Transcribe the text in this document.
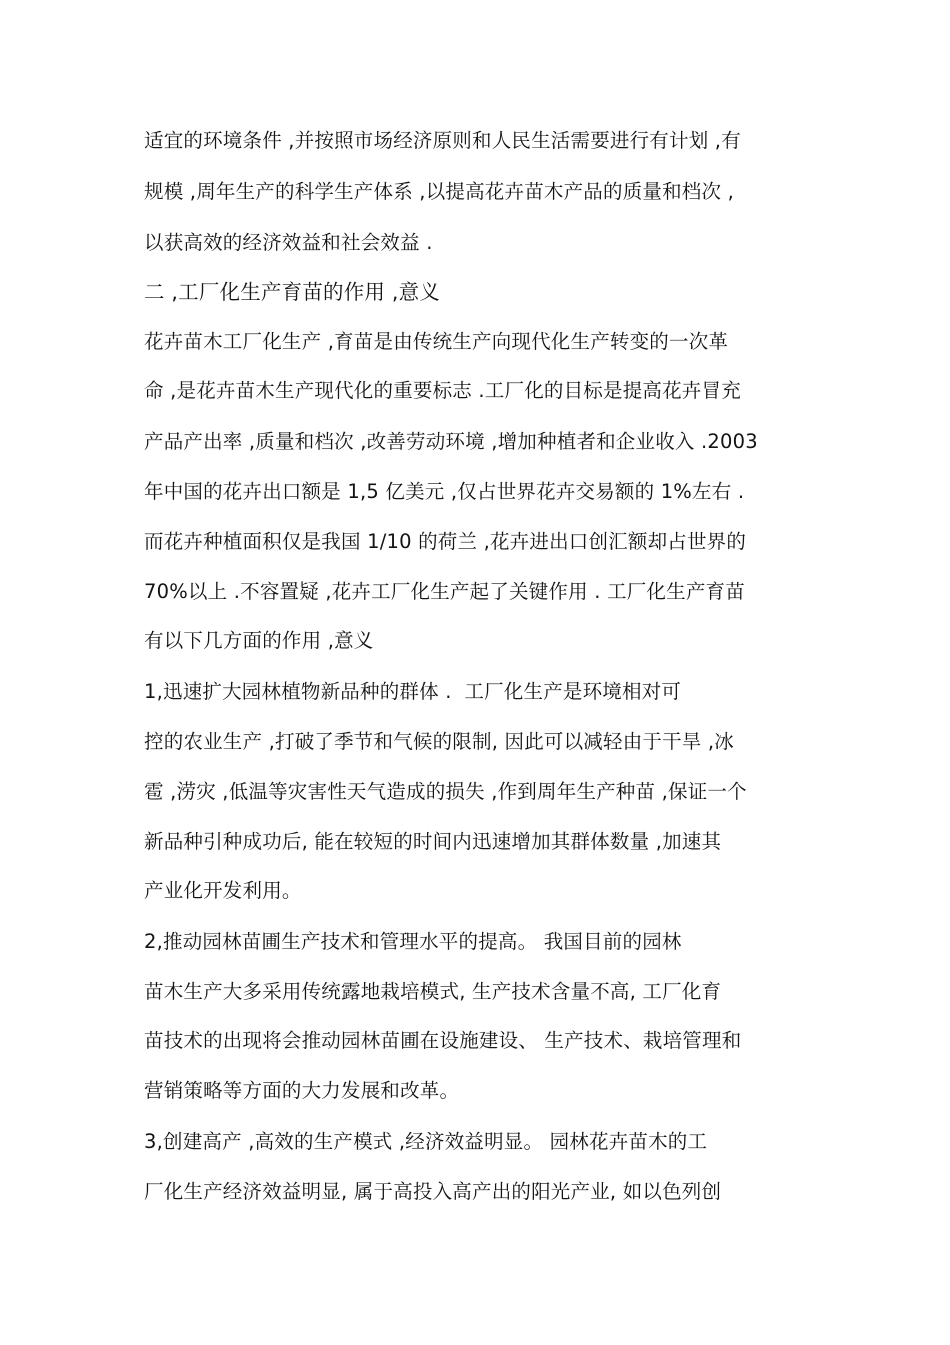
适宜的环境条件 ,并按照市场经济原则和人民生活需要进行有计划 ,有
规模 ,周年生产的科学生产体系 ,以提高花卉苗木产品的质量和档次 ,
以获高效的经济效益和社会效益 .
二 ,工厂化生产育苗的作用 ,意义
花卉苗木工厂化生产 ,育苗是由传统生产向现代化生产转变的一次革
命 ,是花卉苗木生产现代化的重要标志 .工厂化的目标是提高花卉冒充
产品产出率 ,质量和档次 ,改善劳动环境 ,增加种植者和企业收入 .2003
年中国的花卉出口额是 1,5 亿美元 ,仅占世界花卉交易额的 1%左右 .
而花卉种植面积仅是我国 1/10 的荷兰 ,花卉进出口创汇额却占世界的
70%以上 .不容置疑 ,花卉工厂化生产起了关键作用 . 工厂化生产育苗
有以下几方面的作用 ,意义
1,迅速扩大园林植物新品种的群体 .  工厂化生产是环境相对可
控的农业生产 ,打破了季节和气候的限制, 因此可以减轻由于干旱 ,冰
雹 ,涝灾 ,低温等灾害性天气造成的损失 ,作到周年生产种苗 ,保证一个
新品种引种成功后, 能在较短的时间内迅速增加其群体数量 ,加速其
产业化开发利用。
2,推动园林苗圃生产技术和管理水平的提高。 我国目前的园林
苗木生产大多采用传统露地栽培模式, 生产技术含量不高, 工厂化育
苗技术的出现将会推动园林苗圃在设施建设、 生产技术、栽培管理和
营销策略等方面的大力发展和改革。
3,创建高产 ,高效的生产模式 ,经济效益明显。 园林花卉苗木的工
厂化生产经济效益明显, 属于高投入高产出的阳光产业, 如以色列创
